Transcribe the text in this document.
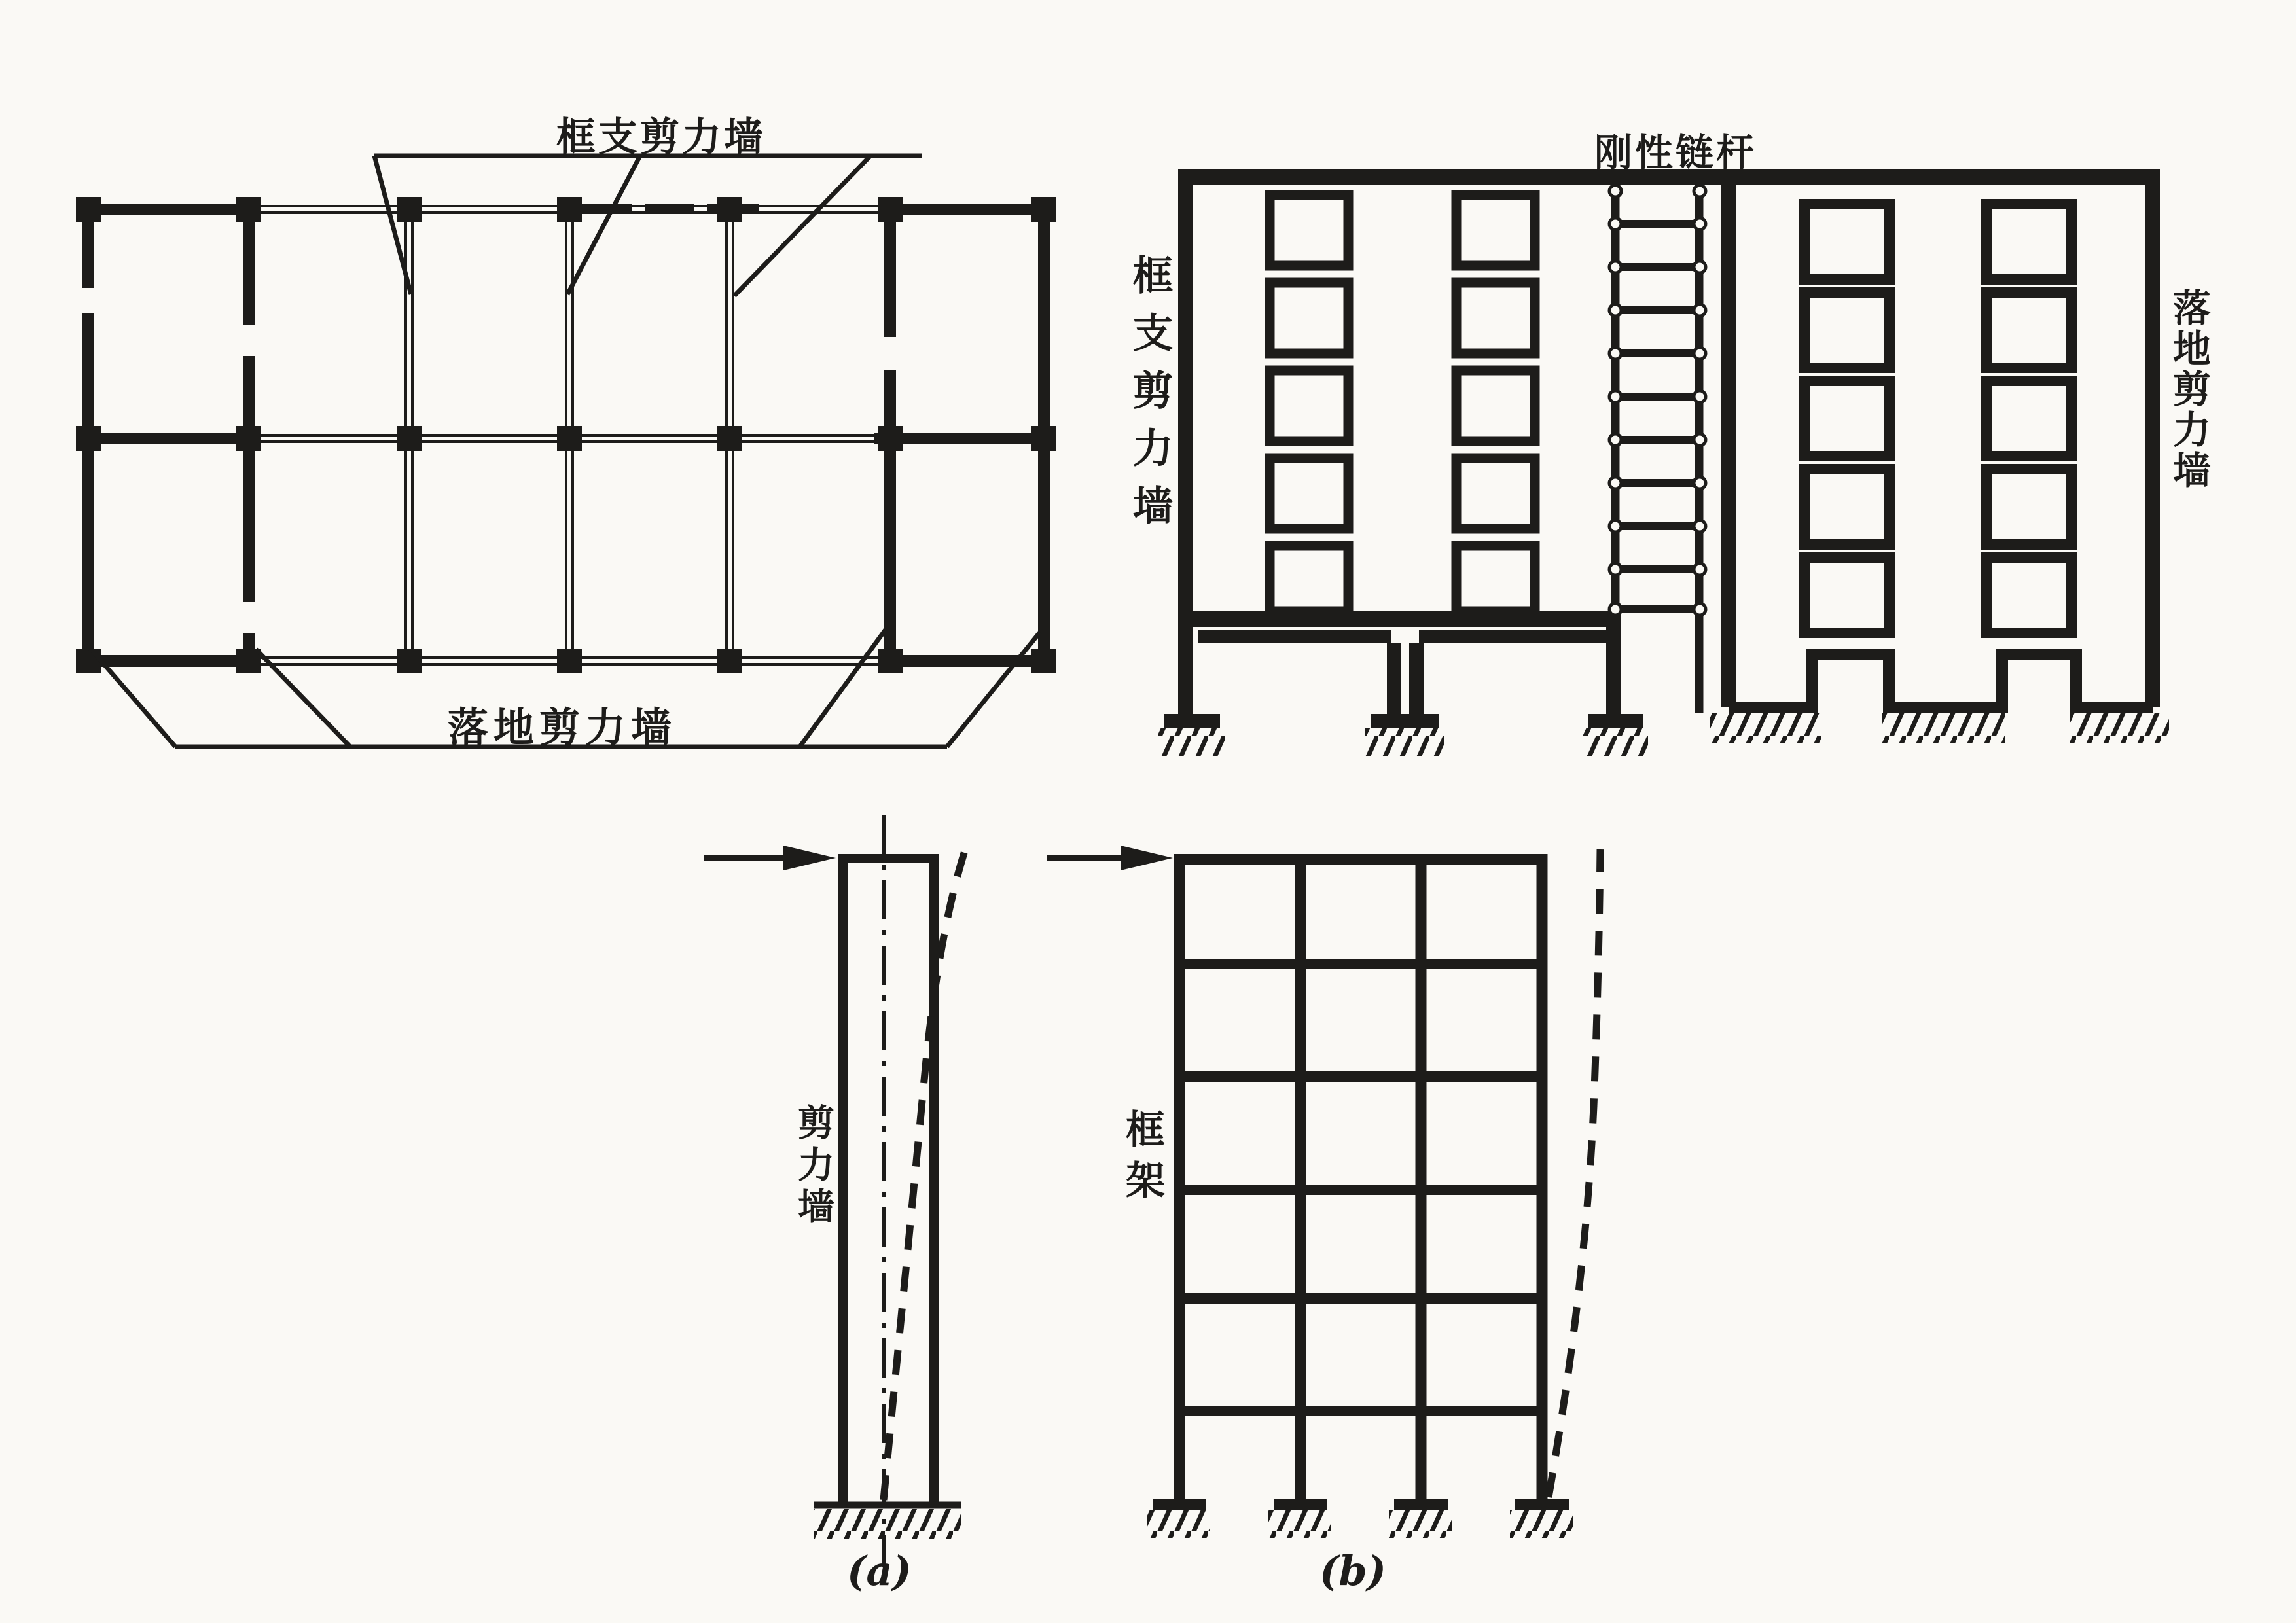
框支剪力墙
落地剪力墙
刚性链杆
框支剪力墙	落地剪力墙
剪力墙	框架
(a)	(b)
